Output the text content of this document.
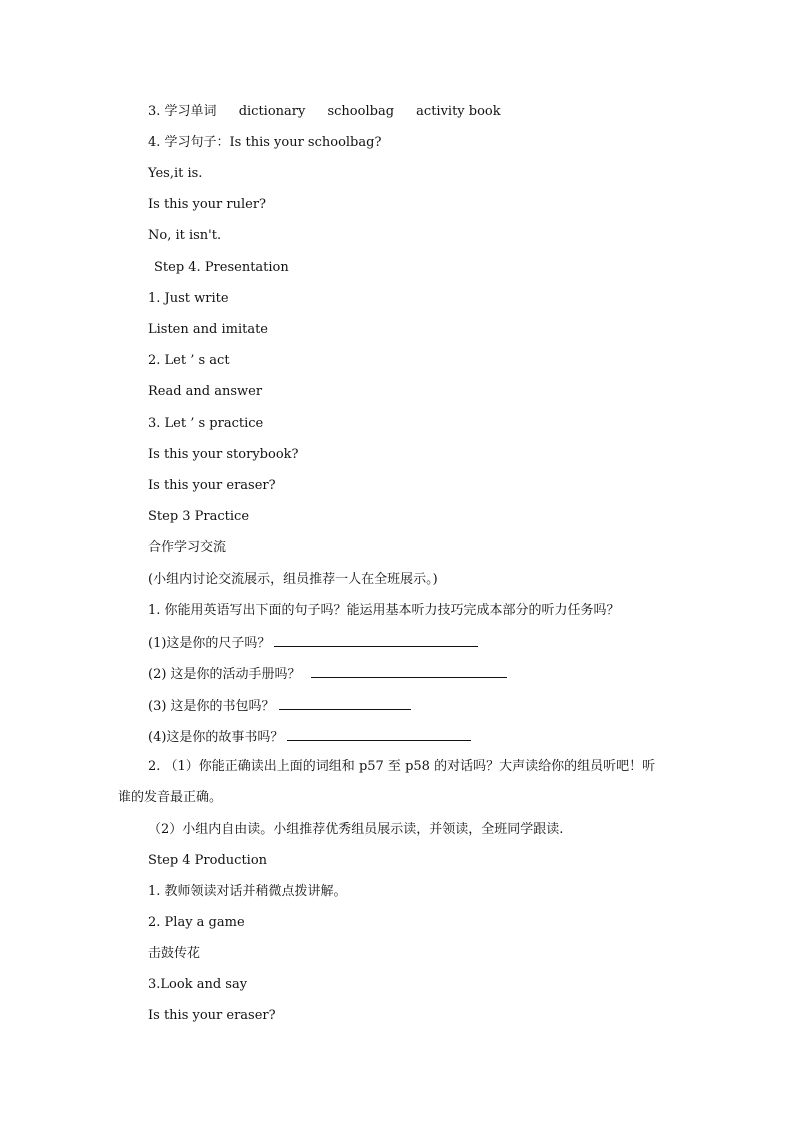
3. 学习单词 dictionary schoolbag activity book
4. 学习句子：Is this your schoolbag?
Yes,it is.
Is this your ruler?
No, it isn't.
Step 4. Presentation
1. Just write
Listen and imitate
2. Let ’ s act
Read and answer
3. Let ’ s practice
Is this your storybook?
Is this your eraser?
Step 3 Practice
合作学习交流
(小组内讨论交流展示，组员推荐一人在全班展示。)
1. 你能用英语写出下面的句子吗？能运用基本听力技巧完成本部分的听力任务吗？
(1)这是你的尺子吗？
(2) 这是你的活动手册吗？
(3) 这是你的书包吗？
(4)这是你的故事书吗？
2. （1）你能正确读出上面的词组和 p57 至 p58 的对话吗？大声读给你的组员听吧！听
谁的发音最正确。
（2）小组内自由读。小组推荐优秀组员展示读，并领读，全班同学跟读.
Step 4 Production
1. 教师领读对话并稍微点拨讲解。
2. Play a game
击鼓传花
3.Look and say
Is this your eraser?
